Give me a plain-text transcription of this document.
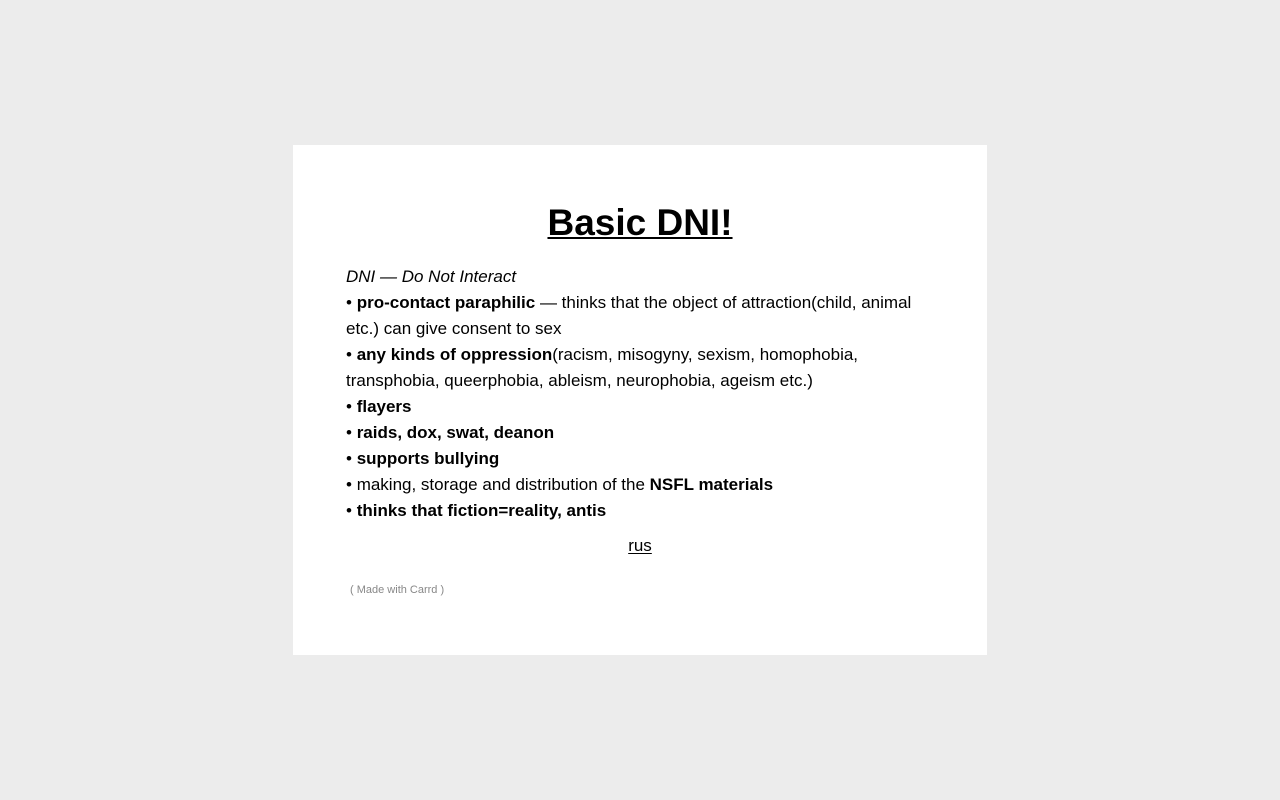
Basic DNI!
DNI — Do Not Interact
• pro-contact paraphilic — thinks that the object of attraction(child, animal etc.) can give consent to sex
• any kinds of oppression(racism, misogyny, sexism, homophobia, transphobia, queerphobia, ableism, neurophobia, ageism etc.)
• flayers
• raids, dox, swat, deanon
• supports bullying
• making, storage and distribution of the NSFL materials
• thinks that fiction=reality, antis
rus
( Made with Carrd )
